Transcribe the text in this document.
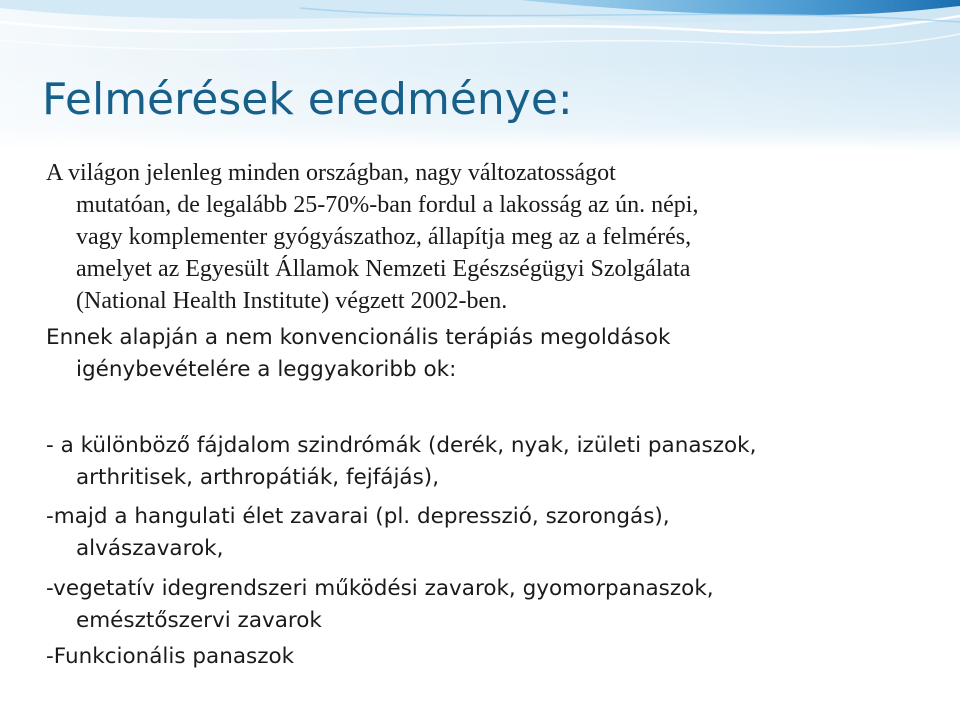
Felmérések eredménye:

A világon jelenleg minden országban, nagy változatosságot
mutatóan, de legalább 25-70%-ban fordul a lakosság az ún. népi,
vagy komplementer gyógyászathoz, állapítja meg az a felmérés,
amelyet az Egyesült Államok Nemzeti Egészségügyi Szolgálata
(National Health Institute) végzett 2002-ben.

Ennek alapján a nem konvencionális terápiás megoldások
igénybevételére a leggyakoribb ok:

- a különböző fájdalom szindrómák (derék, nyak, izületi panaszok,
arthritisek, arthropátiák, fejfájás),

-majd a hangulati élet zavarai (pl. depresszió, szorongás),
alvászavarok,

-vegetatív idegrendszeri működési zavarok, gyomorpanaszok,
emésztőszervi zavarok

-Funkcionális panaszok
